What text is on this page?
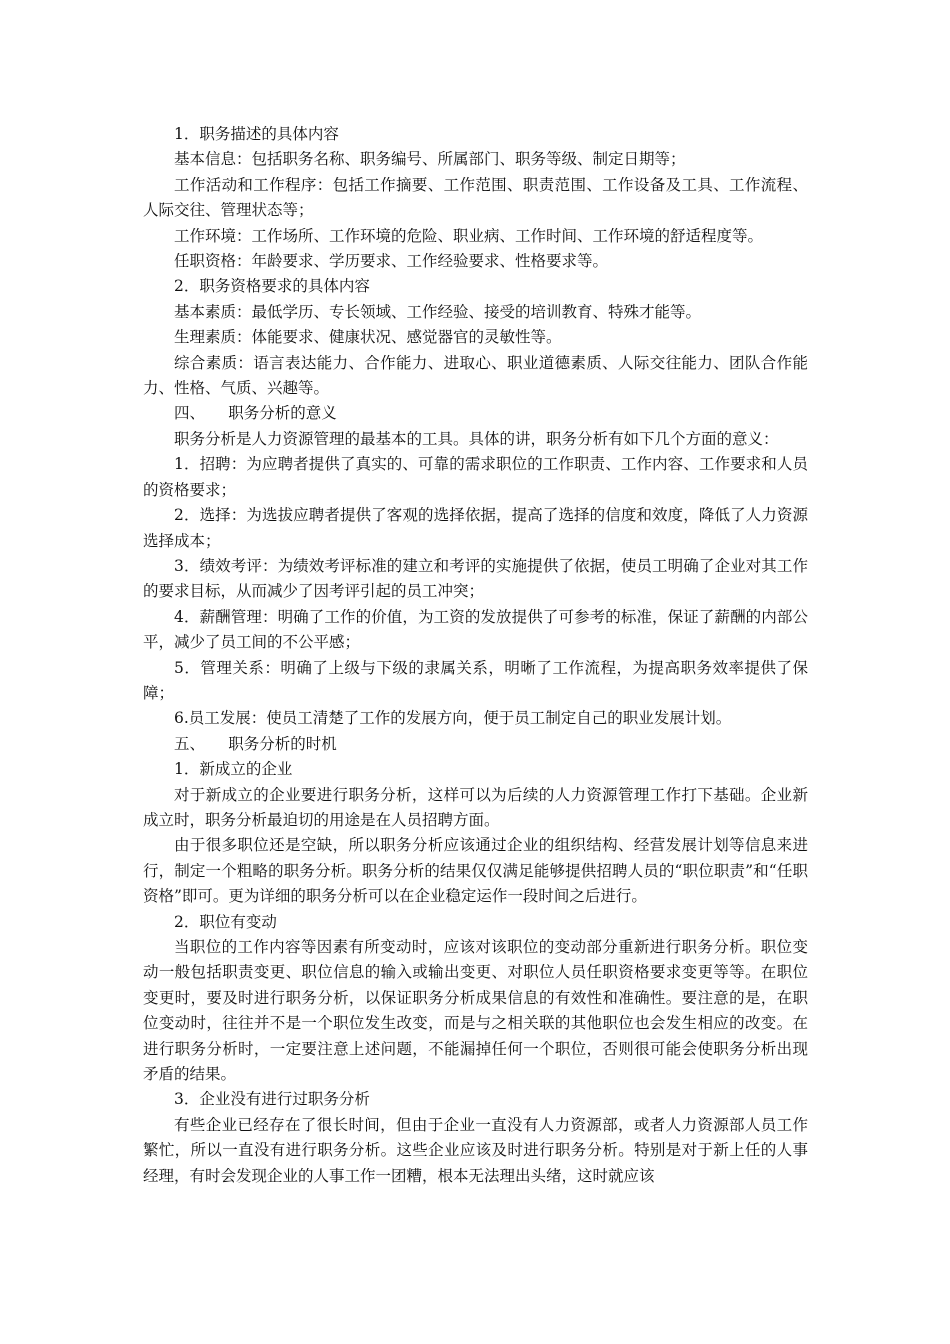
1．职务描述的具体内容

基本信息：包括职务名称、职务编号、所属部门、职务等级、制定日期等；

工作活动和工作程序：包括工作摘要、工作范围、职责范围、工作设备及工具、工作流程、人际交往、管理状态等；

工作环境：工作场所、工作环境的危险、职业病、工作时间、工作环境的舒适程度等。

任职资格：年龄要求、学历要求、工作经验要求、性格要求等。

2．职务资格要求的具体内容

基本素质：最低学历、专长领域、工作经验、接受的培训教育、特殊才能等。

生理素质：体能要求、健康状况、感觉器官的灵敏性等。

综合素质：语言表达能力、合作能力、进取心、职业道德素质、人际交往能力、团队合作能力、性格、气质、兴趣等。

四、　　职务分析的意义

职务分析是人力资源管理的最基本的工具。具体的讲，职务分析有如下几个方面的意义：

1．招聘：为应聘者提供了真实的、可靠的需求职位的工作职责、工作内容、工作要求和人员的资格要求；

2．选择：为选拔应聘者提供了客观的选择依据，提高了选择的信度和效度，降低了人力资源选择成本；

3．绩效考评：为绩效考评标准的建立和考评的实施提供了依据，使员工明确了企业对其工作的要求目标，从而减少了因考评引起的员工冲突；

4．薪酬管理：明确了工作的价值，为工资的发放提供了可参考的标准，保证了薪酬的内部公平，减少了员工间的不公平感；

5．管理关系：明确了上级与下级的隶属关系，明晰了工作流程，为提高职务效率提供了保障；

6.员工发展：使员工清楚了工作的发展方向，便于员工制定自己的职业发展计划。

五、　　职务分析的时机

1．新成立的企业

对于新成立的企业要进行职务分析，这样可以为后续的人力资源管理工作打下基础。企业新成立时，职务分析最迫切的用途是在人员招聘方面。

由于很多职位还是空缺，所以职务分析应该通过企业的组织结构、经营发展计划等信息来进行，制定一个粗略的职务分析。职务分析的结果仅仅满足能够提供招聘人员的“职位职责”和“任职资格”即可。更为详细的职务分析可以在企业稳定运作一段时间之后进行。

2．职位有变动

当职位的工作内容等因素有所变动时，应该对该职位的变动部分重新进行职务分析。职位变动一般包括职责变更、职位信息的输入或输出变更、对职位人员任职资格要求变更等等。在职位变更时，要及时进行职务分析，以保证职务分析成果信息的有效性和准确性。要注意的是，在职位变动时，往往并不是一个职位发生改变，而是与之相关联的其他职位也会发生相应的改变。在进行职务分析时，一定要注意上述问题，不能漏掉任何一个职位，否则很可能会使职务分析出现矛盾的结果。

3．企业没有进行过职务分析

有些企业已经存在了很长时间，但由于企业一直没有人力资源部，或者人力资源部人员工作繁忙，所以一直没有进行职务分析。这些企业应该及时进行职务分析。特别是对于新上任的人事经理，有时会发现企业的人事工作一团糟，根本无法理出头绪，这时就应该
